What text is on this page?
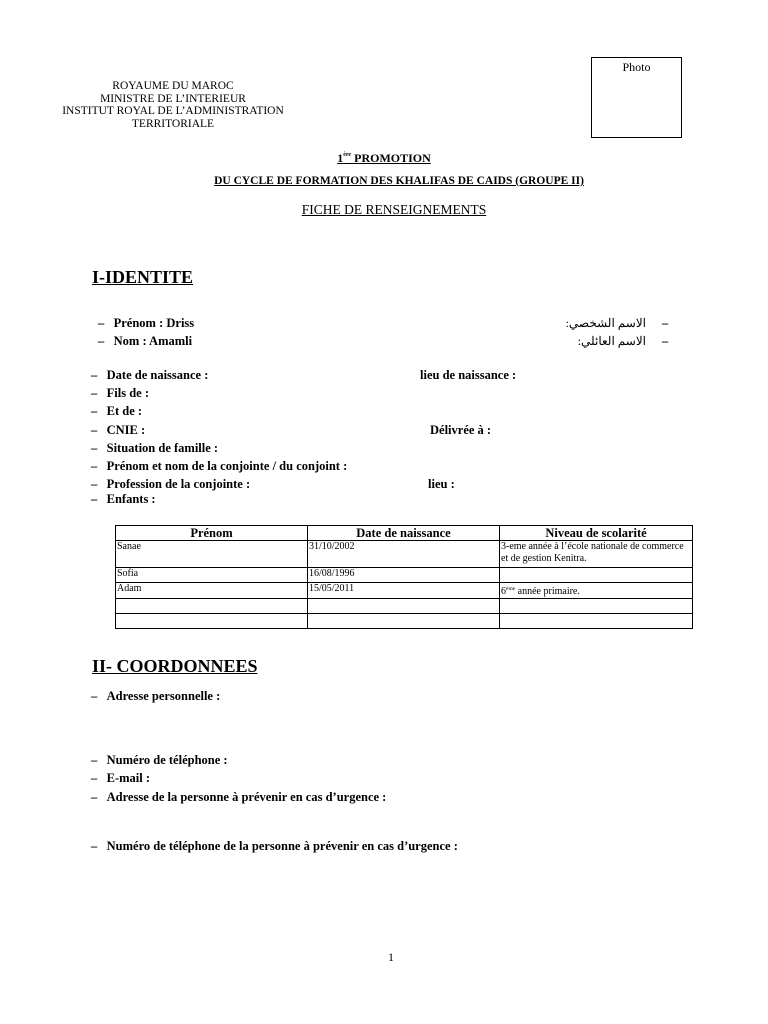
ROYAUME DU MAROC
MINISTRE DE L’INTERIEUR
INSTITUT ROYAL DE L’ADMINISTRATION
TERRITORIALE
Photo
1ère PROMOTION
DU CYCLE DE FORMATION DES KHALIFAS DE CAIDS (GROUPE II)
FICHE DE RENSEIGNEMENTS
I-IDENTITE
– Prénom : Driss
– Nom : Amamli
الاسم الشخصي: –
الاسم العائلي: –
– Date de naissance :	lieu de naissance :
– Fils de :
– Et de :
– CNIE :	Délivrée à :
– Situation de famille :
– Prénom et nom de la conjointe / du conjoint :
– Profession de la conjointe :	lieu :
– Enfants :
Prénom	Date de naissance	Niveau de scolarité
Sanae	31/10/2002	3-eme année à l’école nationale de commerce et de gestion Kenitra.
Sofia	16/08/1996	
Adam	15/05/2011	6ème année primaire.

II- COORDONNEES
– Adresse personnelle :
– Numéro de téléphone :
– E-mail :
– Adresse de la personne à prévenir en cas d’urgence :
– Numéro de téléphone de la personne à prévenir en cas d’urgence :
1
